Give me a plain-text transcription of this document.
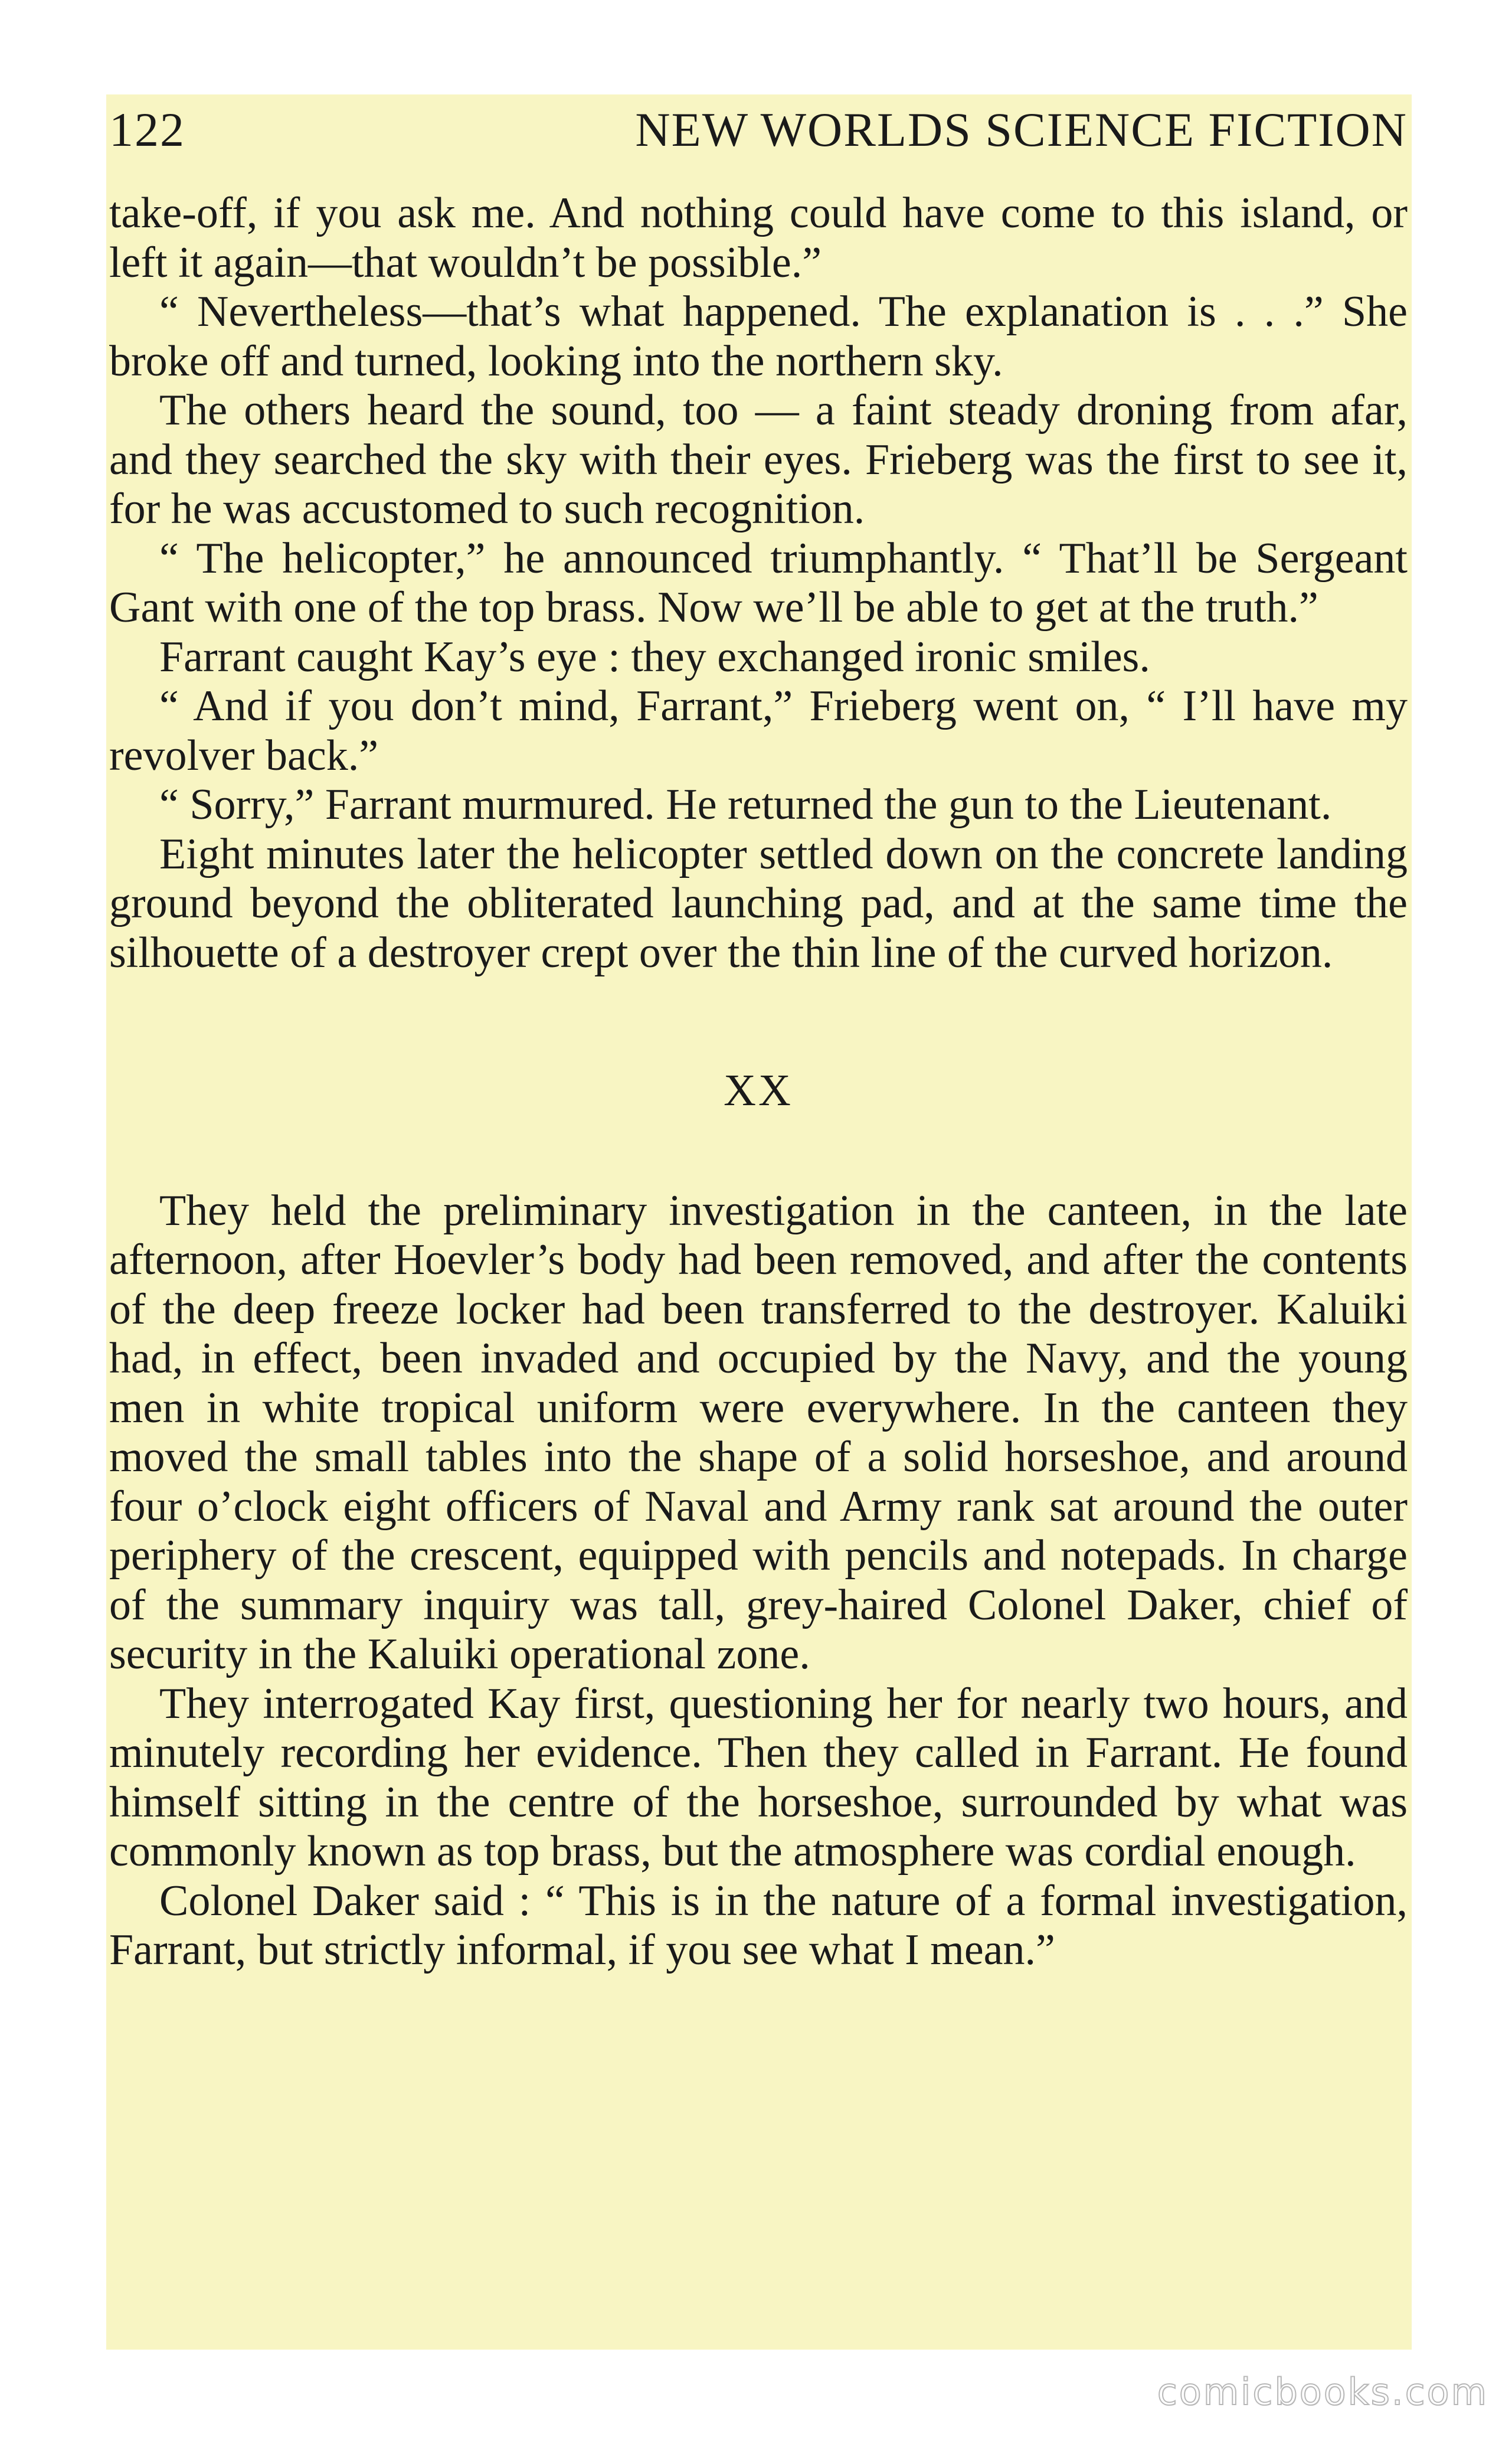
122	NEW WORLDS SCIENCE FICTION

take-off, if you ask me. And nothing could have come to this island, or left it again—that wouldn’t be possible.”

“ Nevertheless—that’s what happened. The explanation is . . .” She broke off and turned, looking into the northern sky.

The others heard the sound, too — a faint steady droning from afar, and they searched the sky with their eyes. Frieberg was the first to see it, for he was accustomed to such recognition.

“ The helicopter,” he announced triumphantly. “ That’ll be Sergeant Gant with one of the top brass. Now we’ll be able to get at the truth.”

Farrant caught Kay’s eye : they exchanged ironic smiles.

“ And if you don’t mind, Farrant,” Frieberg went on, “ I’ll have my revolver back.”

“ Sorry,” Farrant murmured. He returned the gun to the Lieutenant.

Eight minutes later the helicopter settled down on the concrete landing ground beyond the obliterated launching pad, and at the same time the silhouette of a destroyer crept over the thin line of the curved horizon.

XX

They held the preliminary investigation in the canteen, in the late afternoon, after Hoevler’s body had been removed, and after the contents of the deep freeze locker had been transferred to the destroyer. Kaluiki had, in effect, been invaded and occupied by the Navy, and the young men in white tropical uniform were everywhere. In the canteen they moved the small tables into the shape of a solid horseshoe, and around four o’clock eight officers of Naval and Army rank sat around the outer periphery of the crescent, equipped with pencils and notepads. In charge of the summary inquiry was tall, grey-haired Colonel Daker, chief of security in the Kaluiki operational zone.

They interrogated Kay first, questioning her for nearly two hours, and minutely recording her evidence. Then they called in Farrant. He found himself sitting in the centre of the horseshoe, surrounded by what was commonly known as top brass, but the atmosphere was cordial enough.

Colonel Daker said : “ This is in the nature of a formal investigation, Farrant, but strictly informal, if you see what I mean.”

comicbooks.com
